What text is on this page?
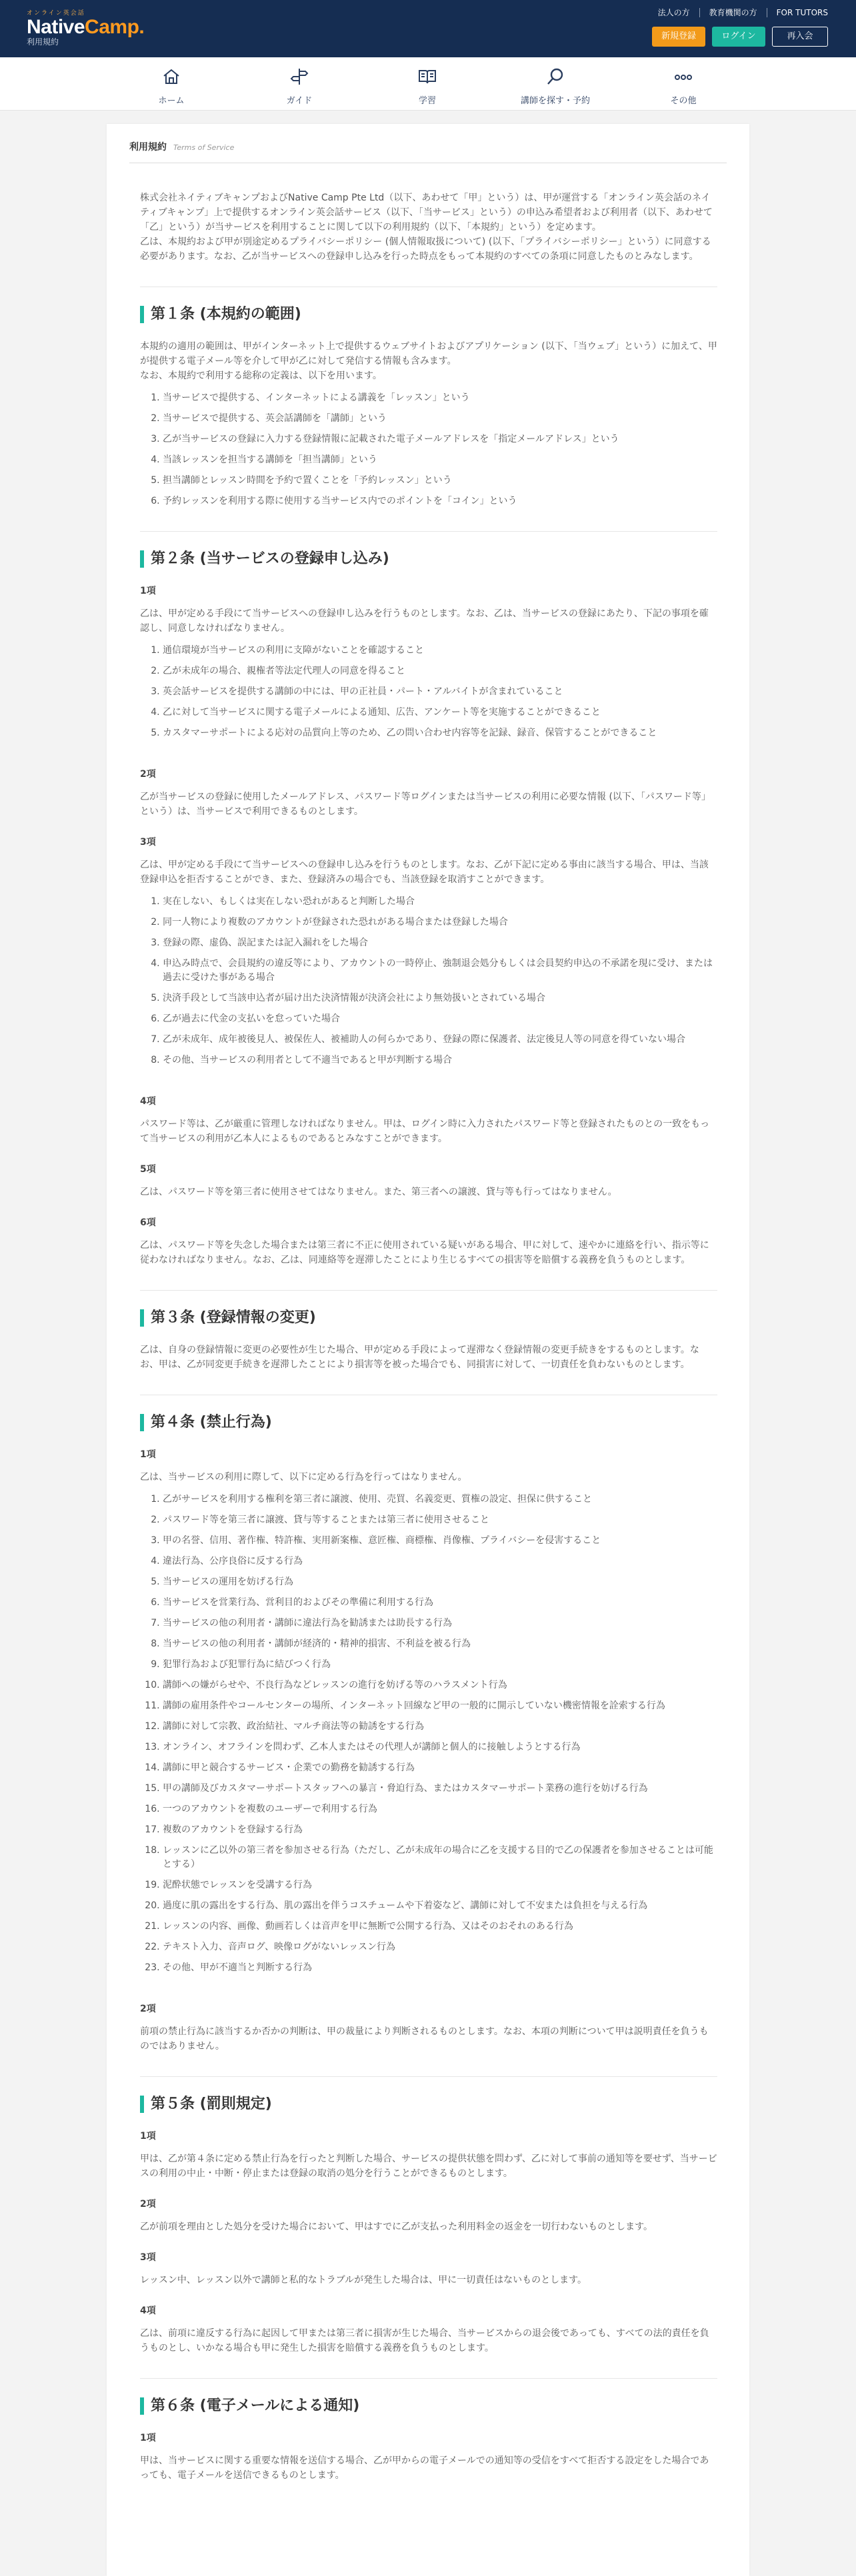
オンライン英会話
NativeCamp.
利用規約
法人の方	教育機関の方	FOR TUTORS
新規登録	ログイン	再入会
ホーム	ガイド	学習	講師を探す・予約	その他
利用規約 Terms of Service

株式会社ネイティブキャンプおよびNative Camp Pte Ltd（以下、あわせて「甲」という）は、甲が運営する「オンライン英会話のネイティブキャンプ」上で提供するオンライン英会話サービス（以下、「当サービス」という）の申込み希望者および利用者（以下、あわせて「乙」という）が当サービスを利用することに関して以下の利用規約（以下、「本規約」という）を定めます。

乙は、本規約および甲が別途定めるプライバシーポリシー (個人情報取扱について) (以下、「プライバシーポリシー」という）に同意する必要があります。なお、乙が当サービスへの登録申し込みを行った時点をもって本規約のすべての条項に同意したものとみなします。

第１条 (本規約の範囲)

本規約の適用の範囲は、甲がインターネット上で提供するウェブサイトおよびアプリケーション (以下、「当ウェブ」という）に加えて、甲が提供する電子メール等を介して甲が乙に対して発信する情報も含みます。

なお、本規約で利用する総称の定義は、以下を用います。

1. 当サービスで提供する、インターネットによる講義を「レッスン」という
2. 当サービスで提供する、英会話講師を「講師」という
3. 乙が当サービスの登録に入力する登録情報に記載された電子メールアドレスを「指定メールアドレス」という
4. 当該レッスンを担当する講師を「担当講師」という
5. 担当講師とレッスン時間を予約で置くことを「予約レッスン」という
6. 予約レッスンを利用する際に使用する当サービス内でのポイントを「コイン」という
第２条 (当サービスの登録申し込み)
1項

乙は、甲が定める手段にて当サービスへの登録申し込みを行うものとします。なお、乙は、当サービスの登録にあたり、下記の事項を確認し、同意しなければなりません。

1. 通信環境が当サービスの利用に支障がないことを確認すること
2. 乙が未成年の場合、親権者等法定代理人の同意を得ること
3. 英会話サービスを提供する講師の中には、甲の正社員・パート・アルバイトが含まれていること
4. 乙に対して当サービスに関する電子メールによる通知、広告、アンケート等を実施することができること
5. カスタマーサポートによる応対の品質向上等のため、乙の問い合わせ内容等を記録、録音、保管することができること
2項

乙が当サービスの登録に使用したメールアドレス、パスワード等ログインまたは当サービスの利用に必要な情報 (以下、「パスワード等」という）は、当サービスで利用できるものとします。

3項

乙は、甲が定める手段にて当サービスへの登録申し込みを行うものとします。なお、乙が下記に定める事由に該当する場合、甲は、当該登録申込を拒否することができ、また、登録済みの場合でも、当該登録を取消すことができます。

1. 実在しない、もしくは実在しない恐れがあると判断した場合
2. 同一人物により複数のアカウントが登録された恐れがある場合または登録した場合
3. 登録の際、虚偽、誤記または記入漏れをした場合
4. 申込み時点で、会員規約の違反等により、アカウントの一時停止、強制退会処分もしくは会員契約申込の不承諾を現に受け、または過去に受けた事がある場合
5. 決済手段として当該申込者が届け出た決済情報が決済会社により無効扱いとされている場合
6. 乙が過去に代金の支払いを怠っていた場合
7. 乙が未成年、成年被後見人、被保佐人、被補助人の何らかであり、登録の際に保護者、法定後見人等の同意を得ていない場合
8. その他、当サービスの利用者として不適当であると甲が判断する場合
4項

パスワード等は、乙が厳重に管理しなければなりません。甲は、ログイン時に入力されたパスワード等と登録されたものとの一致をもって当サービスの利用が乙本人によるものであるとみなすことができます。

5項

乙は、パスワード等を第三者に使用させてはなりません。また、第三者への譲渡、貸与等も行ってはなりません。

6項

乙は、パスワード等を失念した場合または第三者に不正に使用されている疑いがある場合、甲に対して、速やかに連絡を行い、指示等に従わなければなりません。なお、乙は、同連絡等を遅滞したことにより生じるすべての損害等を賠償する義務を負うものとします。

第３条 (登録情報の変更)

乙は、自身の登録情報に変更の必要性が生じた場合、甲が定める手段によって遅滞なく登録情報の変更手続きをするものとします。なお、甲は、乙が同変更手続きを遅滞したことにより損害等を被った場合でも、同損害に対して、一切責任を負わないものとします。

第４条 (禁止行為)
1項

乙は、当サービスの利用に際して、以下に定める行為を行ってはなりません。

1. 乙がサービスを利用する権利を第三者に譲渡、使用、売買、名義変更、質権の設定、担保に供すること
2. パスワード等を第三者に譲渡、貸与等することまたは第三者に使用させること
3. 甲の名誉、信用、著作権、特許権、実用新案権、意匠権、商標権、肖像権、プライバシーを侵害すること
4. 違法行為、公序良俗に反する行為
5. 当サービスの運用を妨げる行為
6. 当サービスを営業行為、営利目的およびその準備に利用する行為
7. 当サービスの他の利用者・講師に違法行為を勧誘または助長する行為
8. 当サービスの他の利用者・講師が経済的・精神的損害、不利益を被る行為
9. 犯罪行為および犯罪行為に結びつく行為
10. 講師への嫌がらせや、不良行為などレッスンの進行を妨げる等のハラスメント行為
11. 講師の雇用条件やコールセンターの場所、インターネット回線など甲の一般的に開示していない機密情報を詮索する行為
12. 講師に対して宗教、政治結社、マルチ商法等の勧誘をする行為
13. オンライン、オフラインを問わず、乙本人またはその代理人が講師と個人的に接触しようとする行為
14. 講師に甲と競合するサービス・企業での勤務を勧誘する行為
15. 甲の講師及びカスタマーサポートスタッフへの暴言・脅迫行為、またはカスタマーサポート業務の進行を妨げる行為
16. 一つのアカウントを複数のユーザーで利用する行為
17. 複数のアカウントを登録する行為
18. レッスンに乙以外の第三者を参加させる行為（ただし、乙が未成年の場合に乙を支援する目的で乙の保護者を参加させることは可能とする）
19. 泥酔状態でレッスンを受講する行為
20. 過度に肌の露出をする行為、肌の露出を伴うコスチュームや下着姿など、講師に対して不安または負担を与える行為
21. レッスンの内容、画像、動画若しくは音声を甲に無断で公開する行為、又はそのおそれのある行為
22. テキスト入力、音声ログ、映像ログがないレッスン行為
23. その他、甲が不適当と判断する行為
2項

前項の禁止行為に該当するか否かの判断は、甲の裁量により判断されるものとします。なお、本項の判断について甲は説明責任を負うものではありません。

第５条 (罰則規定)
1項

甲は、乙が第４条に定める禁止行為を行ったと判断した場合、サービスの提供状態を問わず、乙に対して事前の通知等を要せず、当サービスの利用の中止・中断・停止または登録の取消の処分を行うことができるものとします。

2項

乙が前項を理由とした処分を受けた場合において、甲はすでに乙が支払った利用料金の返金を一切行わないものとします。

3項

レッスン中、レッスン以外で講師と私的なトラブルが発生した場合は、甲に一切責任はないものとします。

4項

乙は、前項に違反する行為に起因して甲または第三者に損害が生じた場合、当サービスからの退会後であっても、すべての法的責任を負うものとし、いかなる場合も甲に発生した損害を賠償する義務を負うものとします。

第６条 (電子メールによる通知)
1項

甲は、当サービスに関する重要な情報を送信する場合、乙が甲からの電子メールでの通知等の受信をすべて拒否する設定をした場合であっても、電子メールを送信できるものとします。
